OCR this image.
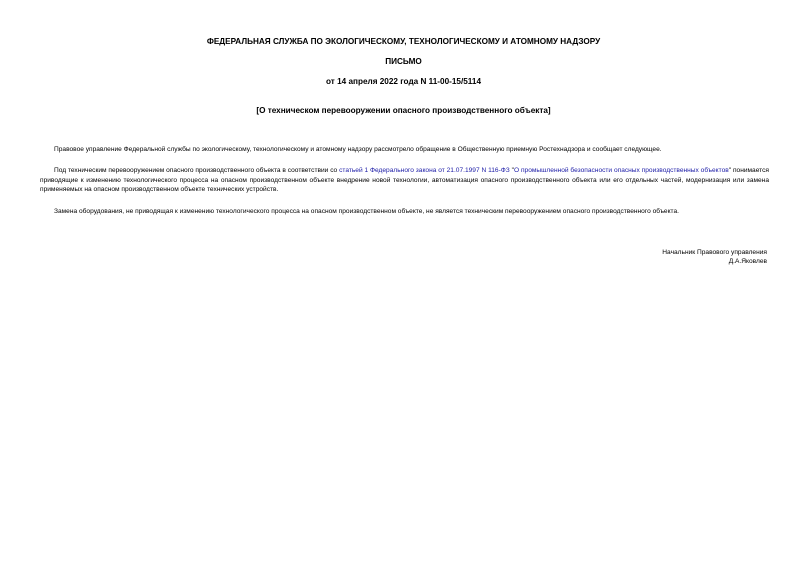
ФЕДЕРАЛЬНАЯ СЛУЖБА ПО ЭКОЛОГИЧЕСКОМУ, ТЕХНОЛОГИЧЕСКОМУ И АТОМНОМУ НАДЗОРУ
ПИСЬМО
от 14 апреля 2022 года N 11-00-15/5114
[О техническом перевооружении опасного производственного объекта]
Правовое управление Федеральной службы по экологическому, технологическому и атомному надзору рассмотрело обращение в Общественную приемную Ростехнадзора и сообщает следующее.
Под техническим перевооружением опасного производственного объекта в соответствии со статьей 1 Федерального закона от 21.07.1997 N 116-ФЗ "О промышленной безопасности опасных производственных объектов" понимается приводящие к изменению технологического процесса на опасном производственном объекте внедрение новой технологии, автоматизация опасного производственного объекта или его отдельных частей, модернизация или замена применяемых на опасном производственном объекте технических устройств.
Замена оборудования, не приводящая к изменению технологического процесса на опасном производственном объекте, не является техническим перевооружением опасного производственного объекта.
Начальник Правового управления
Д.А.Яковлев
